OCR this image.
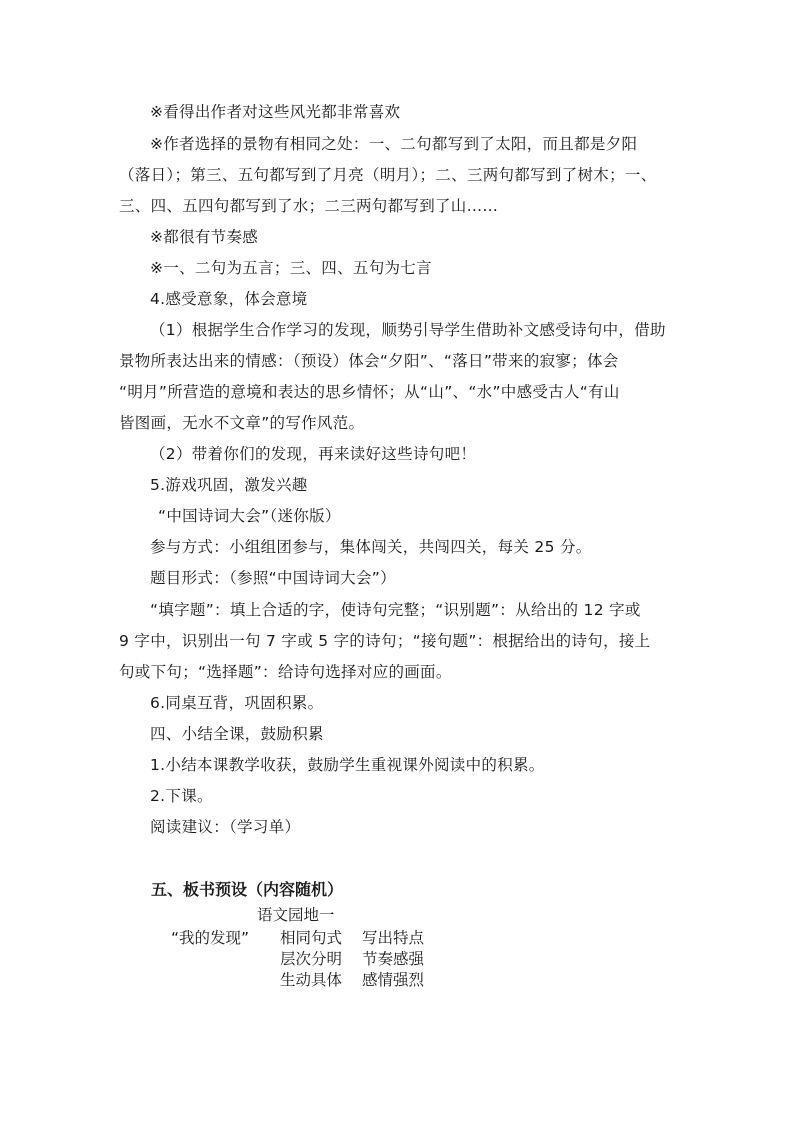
※看得出作者对这些风光都非常喜欢
※作者选择的景物有相同之处：一、二句都写到了太阳，而且都是夕阳
（落日）；第三、五句都写到了月亮（明月）；二、三两句都写到了树木；一、
三、四、五四句都写到了水；二三两句都写到了山……
※都很有节奏感
※一、二句为五言；三、四、五句为七言
4.感受意象，体会意境
（1）根据学生合作学习的发现，顺势引导学生借助补文感受诗句中，借助
景物所表达出来的情感：（预设）体会“夕阳”、“落日”带来的寂寥；体会
“明月”所营造的意境和表达的思乡情怀；从“山”、“水”中感受古人“有山
皆图画，无水不文章”的写作风范。
（2）带着你们的发现，再来读好这些诗句吧！
5.游戏巩固，激发兴趣
“中国诗词大会”（迷你版）
参与方式：小组组团参与，集体闯关，共闯四关，每关 25 分。
题目形式：（参照“中国诗词大会”）
“填字题”：填上合适的字，使诗句完整；“识别题”：从给出的 12 字或
9 字中，识别出一句 7 字或 5 字的诗句；“接句题”：根据给出的诗句，接上
句或下句；“选择题”：给诗句选择对应的画面。
6.同桌互背，巩固积累。
四、小结全课，鼓励积累
1.小结本课教学收获，鼓励学生重视课外阅读中的积累。
2.下课。
阅读建议：（学习单）
五、板书预设（内容随机）
语文园地一
“我的发现” 相同句式 写出特点
层次分明 节奏感强
生动具体 感情强烈
